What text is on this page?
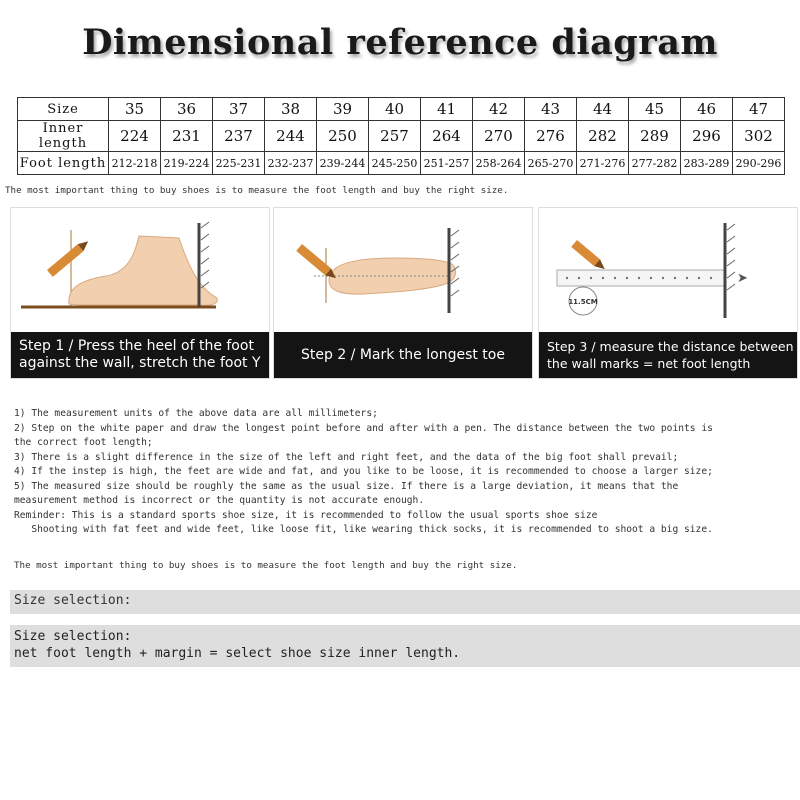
Dimensional reference diagram
Size	35	36	37	38	39	40	41	42	43	44	45	46	47
Inner length	224	231	237	244	250	257	264	270	276	282	289	296	302
Foot length	212-218	219-224	225-231	232-237	239-244	245-250	251-257	258-264	265-270	271-276	277-282	283-289	290-296
The most important thing to buy shoes is to measure the foot length and buy the right size.
Step 1 / Press the heel of the foot
against the wall, stretch the foot Y
Step 2 / Mark the longest toe
➤
11.5CM
Step 3 / measure the distance between
the wall marks = net foot length
1) The measurement units of the above data are all millimeters;
2) Step on the white paper and draw the longest point before and after with a pen. The distance between the two points is
the correct foot length;
3) There is a slight difference in the size of the left and right feet, and the data of the big foot shall prevail;
4) If the instep is high, the feet are wide and fat, and you like to be loose, it is recommended to choose a larger size;
5) The measured size should be roughly the same as the usual size. If there is a large deviation, it means that the
measurement method is incorrect or the quantity is not accurate enough.
Reminder: This is a standard sports shoe size, it is recommended to follow the usual sports shoe size
Shooting with fat feet and wide feet, like loose fit, like wearing thick socks, it is recommended to shoot a big size.
The most important thing to buy shoes is to measure the foot length and buy the right size.
Size selection:
Size selection:
net foot length + margin = select shoe size inner length.
